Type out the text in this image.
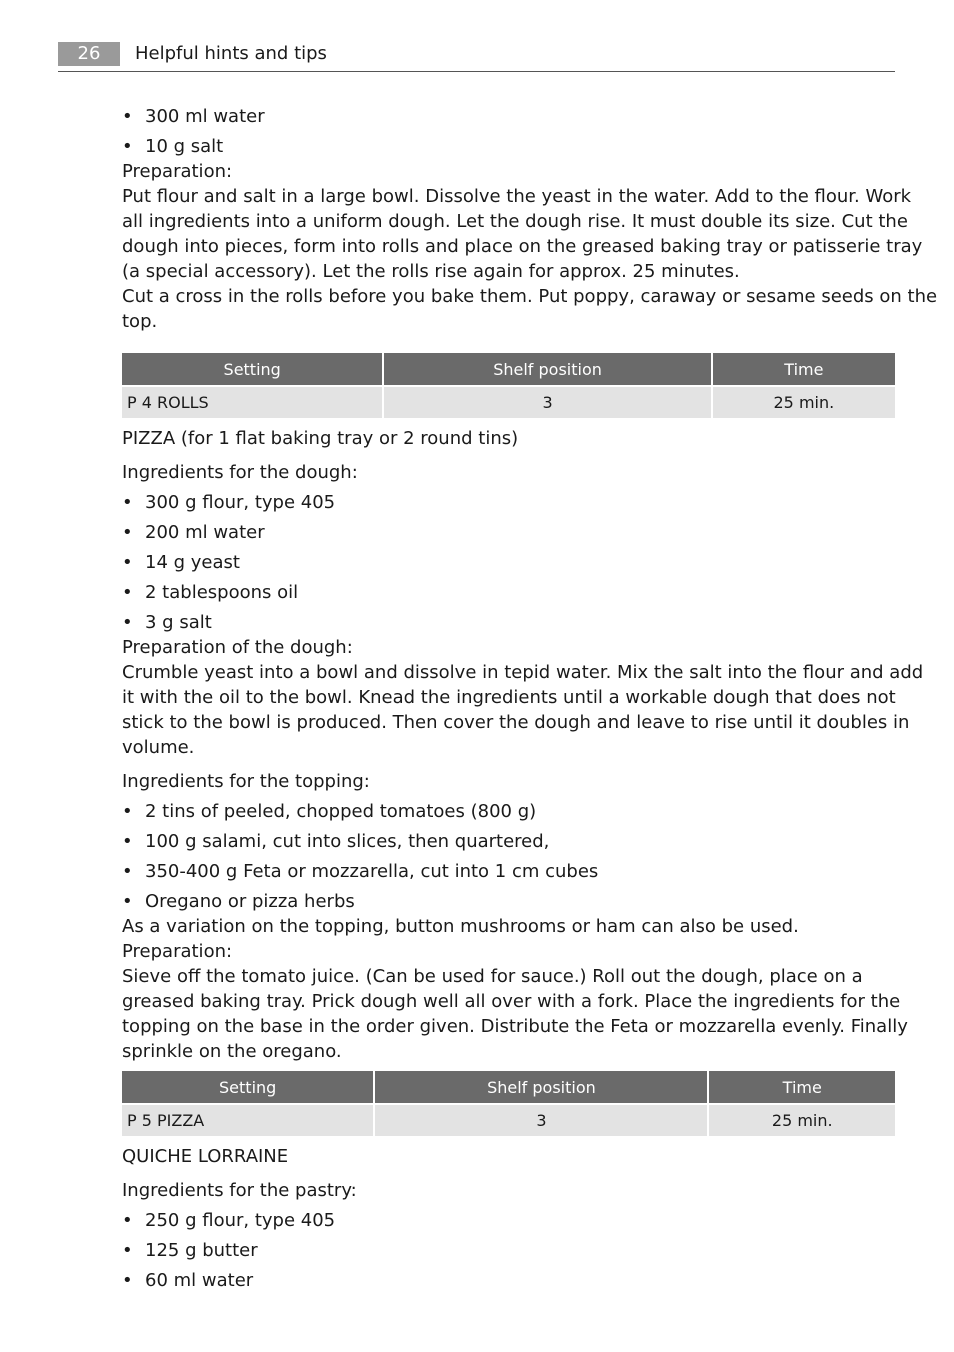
26	Helpful hints and tips
• 300 ml water
• 10 g salt

Preparation:

Put flour and salt in a large bowl. Dissolve the yeast in the water. Add to the flour. Work
all ingredients into a uniform dough. Let the dough rise. It must double its size. Cut the
dough into pieces, form into rolls and place on the greased baking tray or patisserie tray
(a special accessory). Let the rolls rise again for approx. 25 minutes.
Cut a cross in the rolls before you bake them. Put poppy, caraway or sesame seeds on the
top.
Setting	Shelf position	Time
P 4 ROLLS	3	25 min.

PIZZA (for 1 flat baking tray or 2 round tins)

Ingredients for the dough:

• 300 g flour, type 405
• 200 ml water
• 14 g yeast
• 2 tablespoons oil
• 3 g salt

Preparation of the dough:

Crumble yeast into a bowl and dissolve in tepid water. Mix the salt into the flour and add
it with the oil to the bowl. Knead the ingredients until a workable dough that does not
stick to the bowl is produced. Then cover the dough and leave to rise until it doubles in
volume.

Ingredients for the topping:

• 2 tins of peeled, chopped tomatoes (800 g)
• 100 g salami, cut into slices, then quartered,
• 350-400 g Feta or mozzarella, cut into 1 cm cubes
• Oregano or pizza herbs

As a variation on the topping, button mushrooms or ham can also be used.

Preparation:

Sieve off the tomato juice. (Can be used for sauce.) Roll out the dough, place on a
greased baking tray. Prick dough well all over with a fork. Place the ingredients for the
topping on the base in the order given. Distribute the Feta or mozzarella evenly. Finally
sprinkle on the oregano.
Setting	Shelf position	Time
P 5 PIZZA	3	25 min.

QUICHE LORRAINE

Ingredients for the pastry:

• 250 g flour, type 405
• 125 g butter
• 60 ml water
